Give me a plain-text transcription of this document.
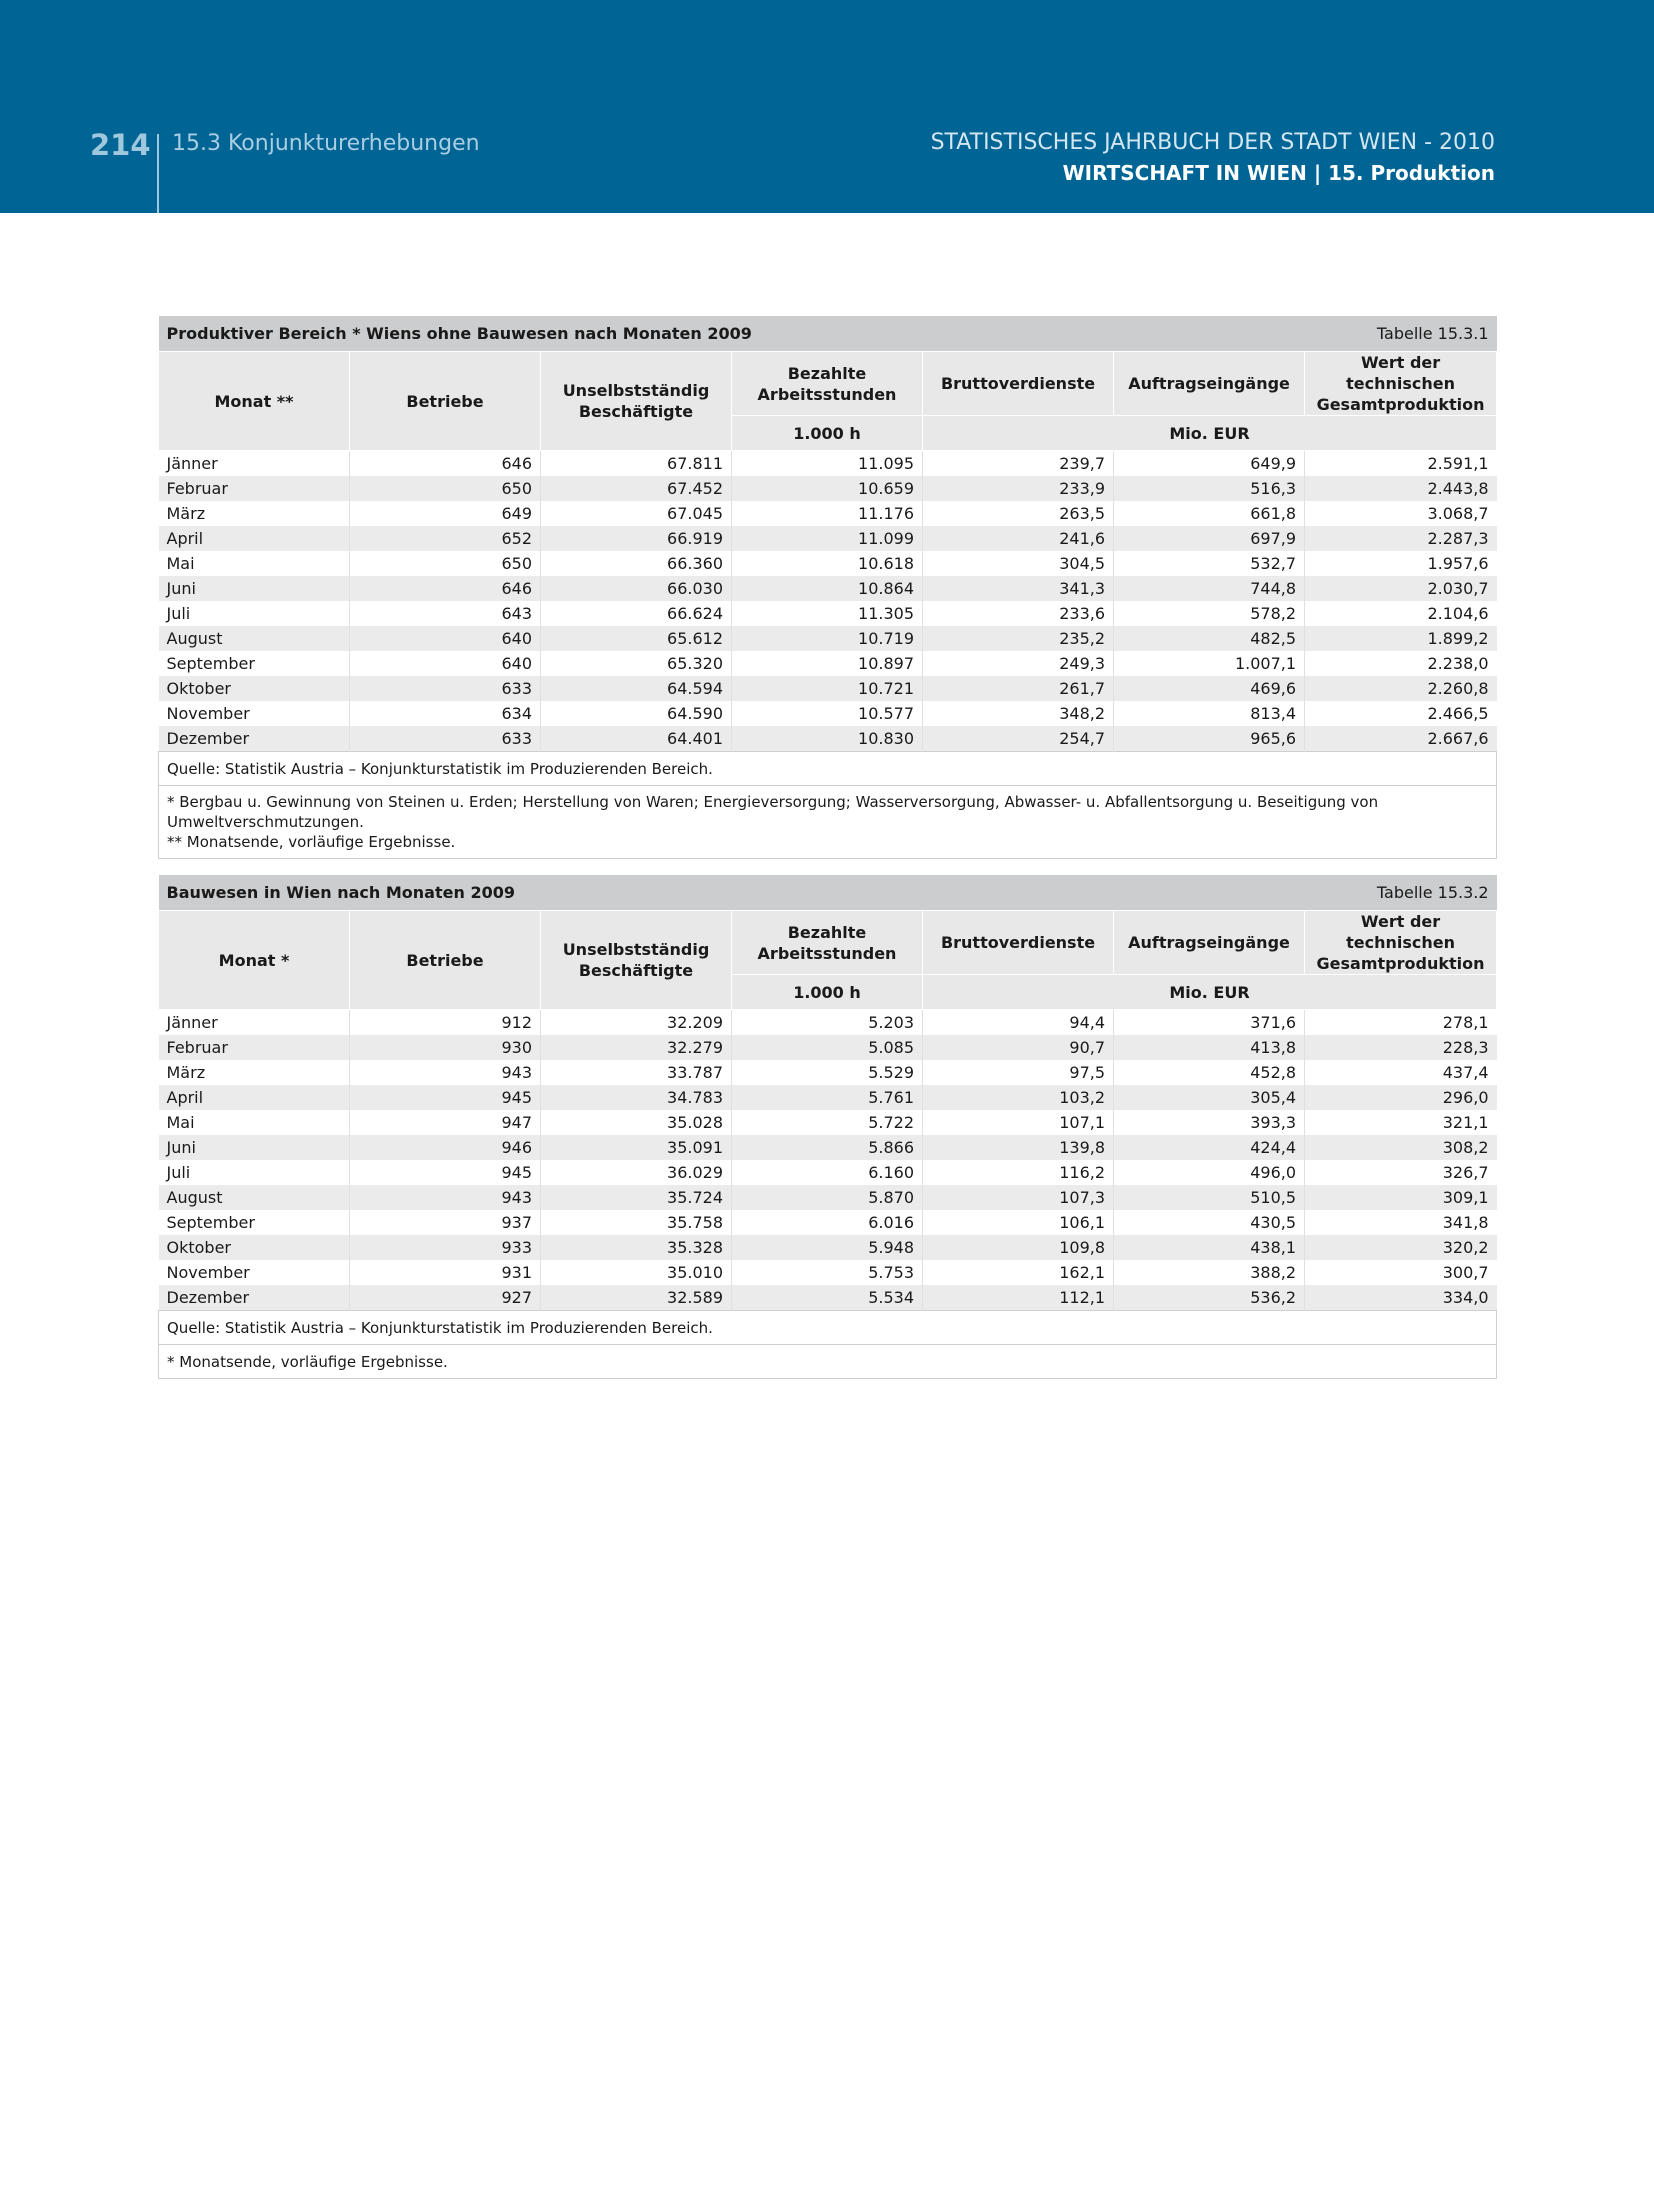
214 15.3 Konjunkturerhebungen	STATISTISCHES JAHRBUCH DER STADT WIEN - 2010
WIRTSCHAFT IN WIEN | 15. Produktion
Produktiver Bereich * Wiens ohne Bauwesen nach Monaten 2009					Tabelle 15.3.1	
Monat **	Betriebe	Unselbstständig Beschäftigte	Bezahlte Arbeitsstunden	Bruttoverdienste	Auftragseingänge	Wert der technischen Gesamtproduktion
			1.000 h	Mio. EUR		
Jänner	646	67.811	11.095	239,7	649,9	2.591,1
Februar	650	67.452	10.659	233,9	516,3	2.443,8
März	649	67.045	11.176	263,5	661,8	3.068,7
April	652	66.919	11.099	241,6	697,9	2.287,3
Mai	650	66.360	10.618	304,5	532,7	1.957,6
Juni	646	66.030	10.864	341,3	744,8	2.030,7
Juli	643	66.624	11.305	233,6	578,2	2.104,6
August	640	65.612	10.719	235,2	482,5	1.899,2
September	640	65.320	10.897	249,3	1.007,1	2.238,0
Oktober	633	64.594	10.721	261,7	469,6	2.260,8
November	634	64.590	10.577	348,2	813,4	2.466,5
Dezember	633	64.401	10.830	254,7	965,6	2.667,6
Quelle: Statistik Austria – Konjunkturstatistik im Produzierenden Bereich.						

* Bergbau u. Gewinnung von Steinen u. Erden; Herstellung von Waren; Energieversorgung; Wasserversorgung, Abwasser- u. Abfallentsorgung u. Beseitigung von Umweltverschmutzungen.
** Monatsende, vorläufige Ergebnisse.						
Bauwesen in Wien nach Monaten 2009					Tabelle 15.3.2	
Monat *	Betriebe	Unselbstständig Beschäftigte	Bezahlte Arbeitsstunden	Bruttoverdienste	Auftragseingänge	Wert der technischen Gesamtproduktion
			1.000 h	Mio. EUR		
Jänner	912	32.209	5.203	94,4	371,6	278,1
Februar	930	32.279	5.085	90,7	413,8	228,3
März	943	33.787	5.529	97,5	452,8	437,4
April	945	34.783	5.761	103,2	305,4	296,0
Mai	947	35.028	5.722	107,1	393,3	321,1
Juni	946	35.091	5.866	139,8	424,4	308,2
Juli	945	36.029	6.160	116,2	496,0	326,7
August	943	35.724	5.870	107,3	510,5	309,1
September	937	35.758	6.016	106,1	430,5	341,8
Oktober	933	35.328	5.948	109,8	438,1	320,2
November	931	35.010	5.753	162,1	388,2	300,7
Dezember	927	32.589	5.534	112,1	536,2	334,0
Quelle: Statistik Austria – Konjunkturstatistik im Produzierenden Bereich.						
* Monatsende, vorläufige Ergebnisse.						
